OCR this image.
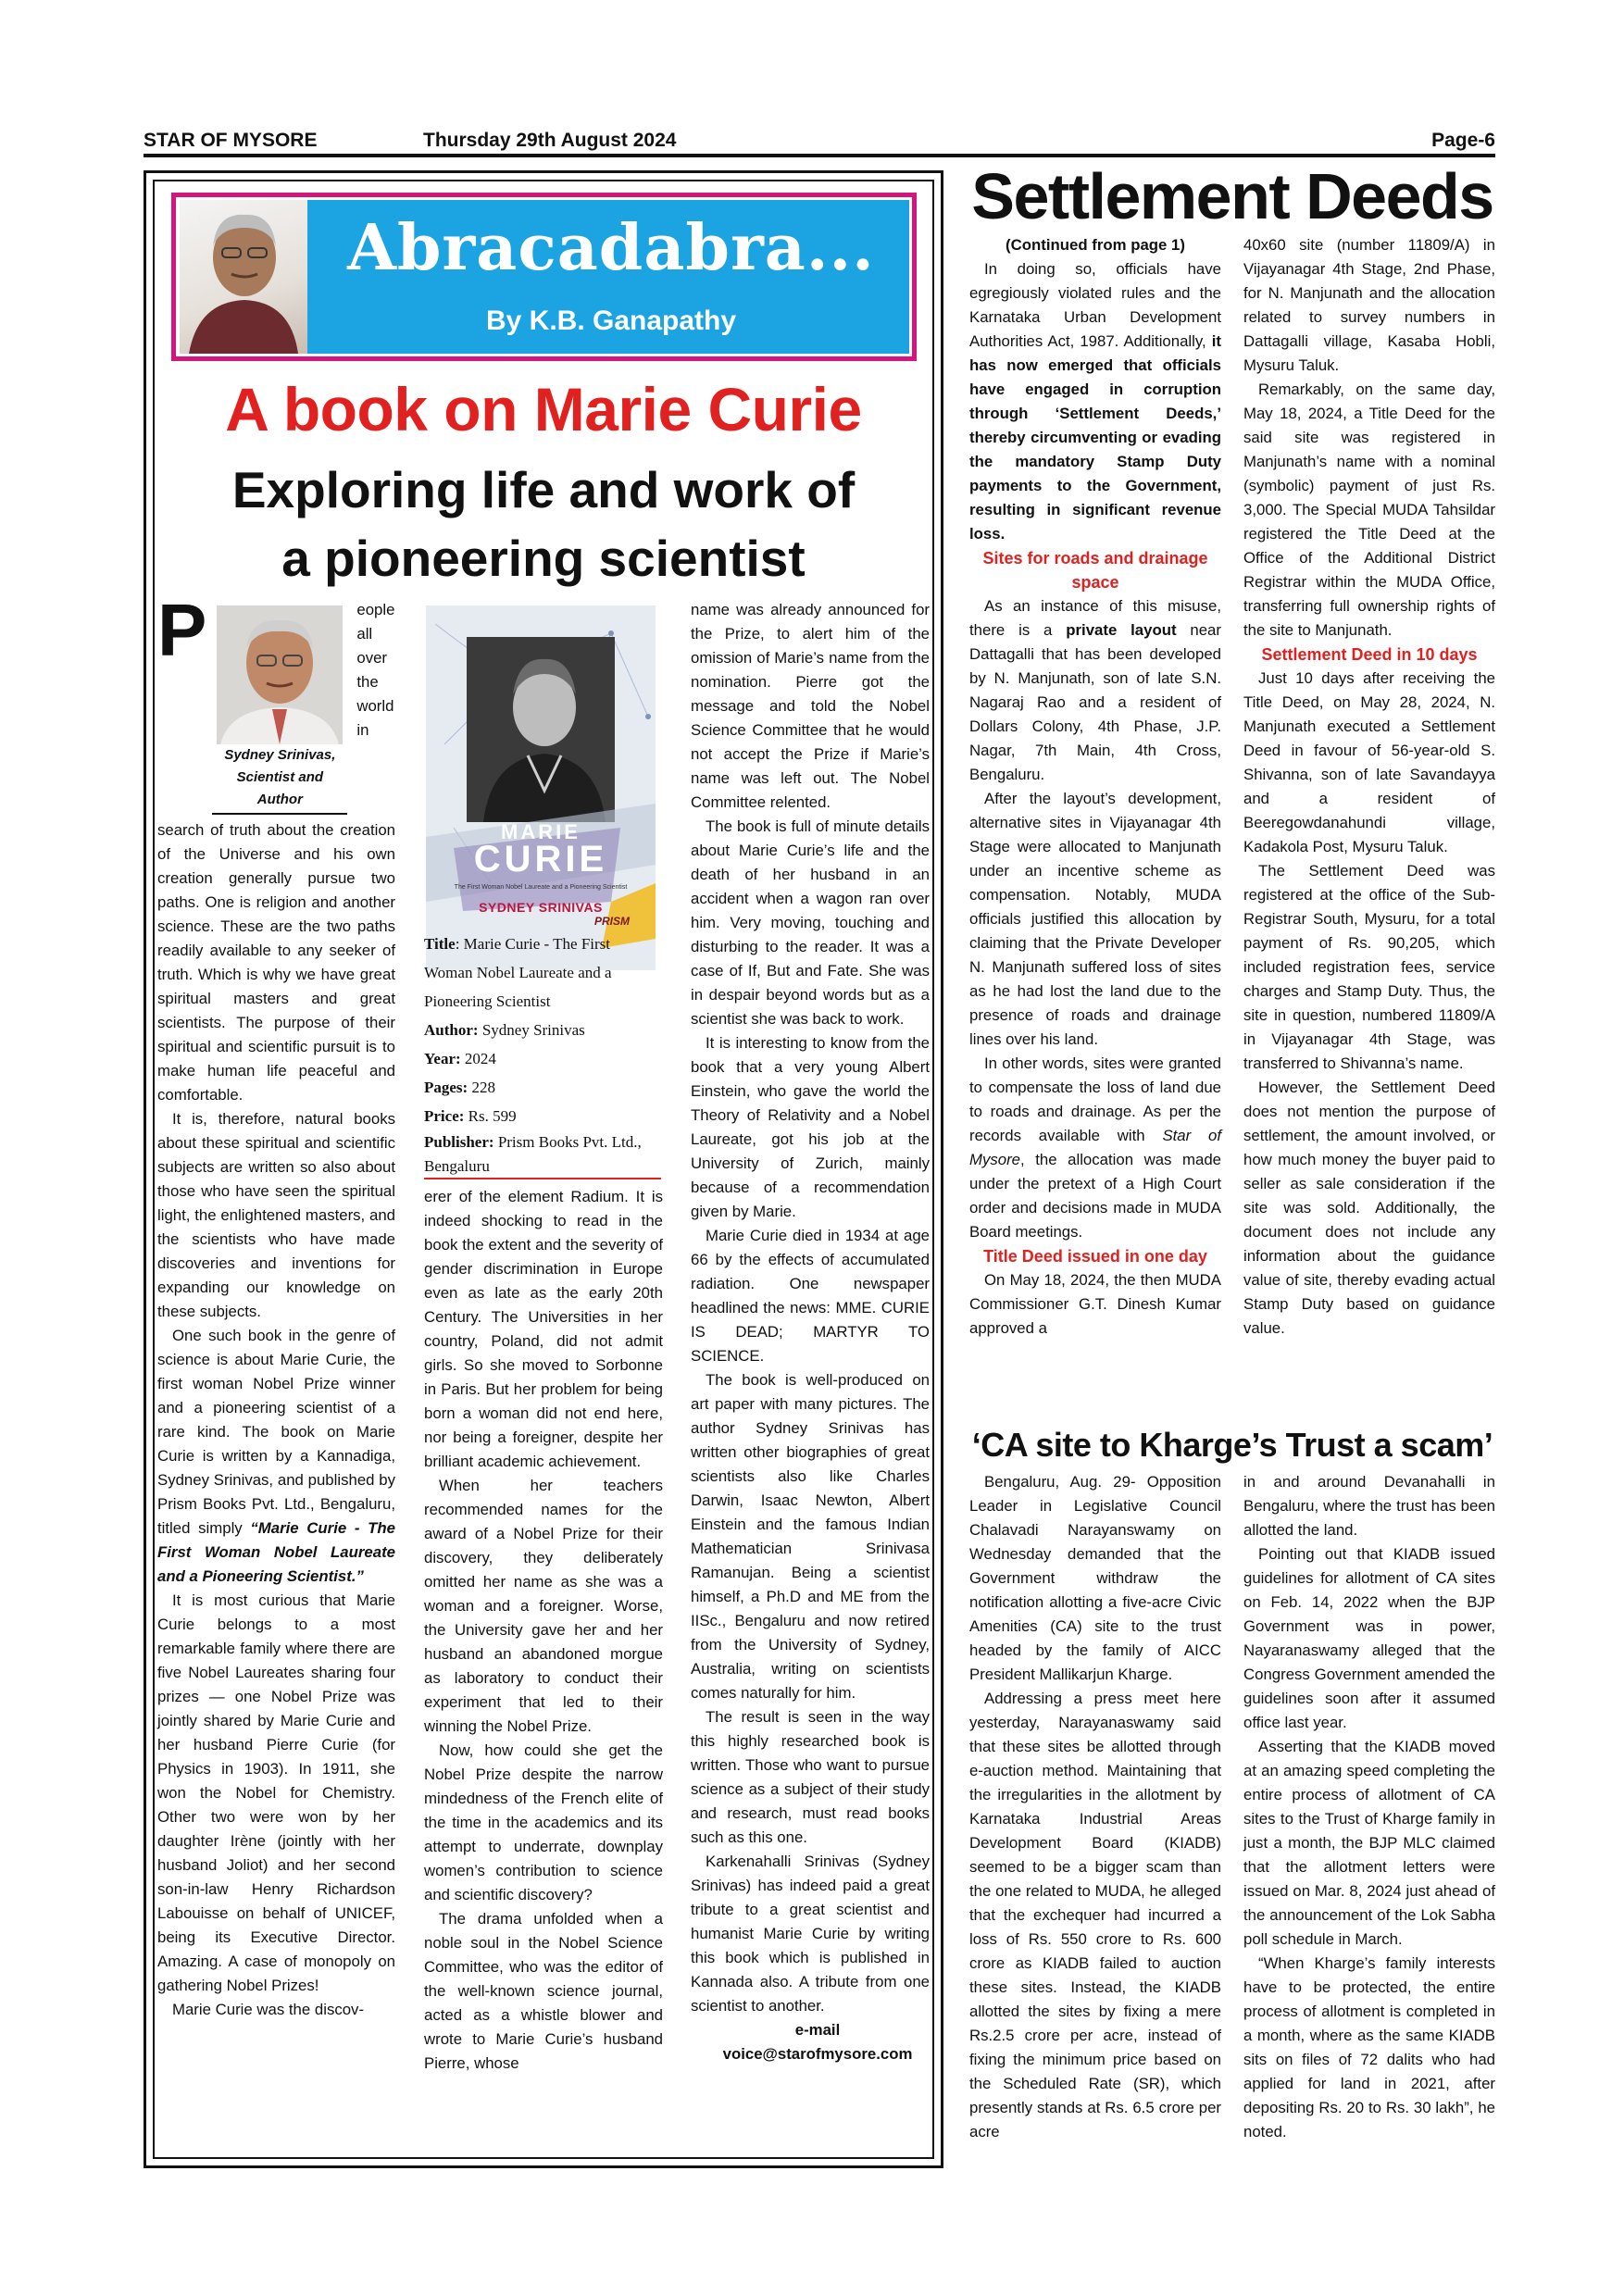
STAR OF MYSORE	Thursday 29th August 2024	Page-6
Abracadabra...
By K.B. Ganapathy
A book on Marie Curie
Exploring life and work of
a pioneering scientist

P
Sydney Srinivas,
Scientist and
Author
eople all over the world in search of truth about the creation of the Universe and his own creation generally pursue two paths. One is religion and another science. These are the two paths readily available to any seeker of truth. Which is why we have great spiritual masters and great scientists. The purpose of their spiritual and scientific pursuit is to make human life peaceful and comfortable.

It is, therefore, natural books about these spiritual and scientific subjects are written so also about those who have seen the spiritual light, the enlightened masters, and the scientists who have made discoveries and inventions for expanding our knowledge on these subjects.

One such book in the genre of science is about Marie Curie, the first woman Nobel Prize winner and a pioneering scientist of a rare kind. The book on Marie Curie is written by a Kannadiga, Sydney Srinivas, and published by Prism Books Pvt. Ltd., Bengaluru, titled simply “Marie Curie - The First Woman Nobel Laureate and a Pioneering Scientist.”

It is most curious that Marie Curie belongs to a most remarkable family where there are five Nobel Laureates sharing four prizes — one Nobel Prize was jointly shared by Marie Curie and her husband Pierre Curie (for Physics in 1903). In 1911, she won the Nobel for Chemistry. Other two were won by her daughter Irène (jointly with her husband Joliot) and her second son-in-law Henry Richardson Labouisse on behalf of UNICEF, being its Executive Director. Amazing. A case of monopoly on gathering Nobel Prizes!

Marie Curie was the discov-

MARIE
CURIE
The First Woman Nobel Laureate and a Pioneering Scientist
SYDNEY SRINIVAS
PRISM
Title: Marie Curie - The First Woman Nobel Laureate and a Pioneering Scientist
Author: Sydney Srinivas
Year: 2024
Pages: 228
Price: Rs. 599
Publisher: Prism Books Pvt. Ltd., Bengaluru

erer of the element Radium. It is indeed shocking to read in the book the extent and the severity of gender discrimination in Europe even as late as the early 20th Century. The Universities in her country, Poland, did not admit girls. So she moved to Sorbonne in Paris. But her problem for being born a woman did not end here, nor being a foreigner, despite her brilliant academic achievement.

When her teachers recommended names for the award of a Nobel Prize for their discovery, they deliberately omitted her name as she was a woman and a foreigner. Worse, the University gave her and her husband an abandoned morgue as laboratory to conduct their experiment that led to their winning the Nobel Prize.

Now, how could she get the Nobel Prize despite the narrow mindedness of the French elite of the time in the academics and its attempt to underrate, downplay women’s contribution to science and scientific discovery?

The drama unfolded when a noble soul in the Nobel Science Committee, who was the editor of the well-known science journal, acted as a whistle blower and wrote to Marie Curie’s husband Pierre, whose

name was already announced for the Prize, to alert him of the omission of Marie’s name from the nomination. Pierre got the message and told the Nobel Science Committee that he would not accept the Prize if Marie’s name was left out. The Nobel Committee relented.

The book is full of minute details about Marie Curie’s life and the death of her husband in an accident when a wagon ran over him. Very moving, touching and disturbing to the reader. It was a case of If, But and Fate. She was in despair beyond words but as a scientist she was back to work.

It is interesting to know from the book that a very young Albert Einstein, who gave the world the Theory of Relativity and a Nobel Laureate, got his job at the University of Zurich, mainly because of a recommendation given by Marie.

Marie Curie died in 1934 at age 66 by the effects of accumulated radiation. One newspaper headlined the news: MME. CURIE IS DEAD; MARTYR TO SCIENCE.

The book is well-produced on art paper with many pictures. The author Sydney Srinivas has written other biographies of great scientists also like Charles Darwin, Isaac Newton, Albert Einstein and the famous Indian Mathematician Srinivasa Ramanujan. Being a scientist himself, a Ph.D and ME from the IISc., Bengaluru and now retired from the University of Sydney, Australia, writing on scientists comes naturally for him.

The result is seen in the way this highly researched book is written. Those who want to pursue science as a subject of their study and research, must read books such as this one.

Karkenahalli Srinivas (Sydney Srinivas) has indeed paid a great tribute to a great scientist and humanist Marie Curie by writing this book which is published in Kannada also. A tribute from one scientist to another.

e-mail

voice@starofmysore.com

Settlement Deeds

(Continued from page 1)

In doing so, officials have egregiously violated rules and the Karnataka Urban Development Authorities Act, 1987. Additionally, it has now emerged that officials have engaged in corruption through ‘Settlement Deeds,’ thereby circumventing or evading the mandatory Stamp Duty payments to the Government, resulting in significant revenue loss.

Sites for roads and drainage space

As an instance of this misuse, there is a private layout near Dattagalli that has been developed by N. Manjunath, son of late S.N. Nagaraj Rao and a resident of Dollars Colony, 4th Phase, J.P. Nagar, 7th Main, 4th Cross, Bengaluru.

After the layout’s development, alternative sites in Vijayanagar 4th Stage were allocated to Manjunath under an incentive scheme as compensation. Notably, MUDA officials justified this allocation by claiming that the Private Developer N. Manjunath suffered loss of sites as he had lost the land due to the presence of roads and drainage lines over his land.

In other words, sites were granted to compensate the loss of land due to roads and drainage. As per the records available with Star of Mysore, the allocation was made under the pretext of a High Court order and decisions made in MUDA Board meetings.

Title Deed issued in one day

On May 18, 2024, the then MUDA Commissioner G.T. Dinesh Kumar approved a

40x60 site (number 11809/A) in Vijayanagar 4th Stage, 2nd Phase, for N. Manjunath and the allocation related to survey numbers in Dattagalli village, Kasaba Hobli, Mysuru Taluk.

Remarkably, on the same day, May 18, 2024, a Title Deed for the said site was registered in Manjunath’s name with a nominal (symbolic) payment of just Rs. 3,000. The Special MUDA Tahsildar registered the Title Deed at the Office of the Additional District Registrar within the MUDA Office, transferring full ownership rights of the site to Manjunath.

Settlement Deed in 10 days

Just 10 days after receiving the Title Deed, on May 28, 2024, N. Manjunath executed a Settlement Deed in favour of 56-year-old S. Shivanna, son of late Savandayya and a resident of Beeregowdanahundi village, Kadakola Post, Mysuru Taluk.

The Settlement Deed was registered at the office of the Sub-Registrar South, Mysuru, for a total payment of Rs. 90,205, which included registration fees, service charges and Stamp Duty. Thus, the site in question, numbered 11809/A in Vijayanagar 4th Stage, was transferred to Shivanna’s name.

However, the Settlement Deed does not mention the purpose of settlement, the amount involved, or how much money the buyer paid to seller as sale consideration if the site was sold. Additionally, the document does not include any information about the guidance value of site, thereby evading actual Stamp Duty based on guidance value.

‘CA site to Kharge’s Trust a scam’

Bengaluru, Aug. 29- Opposition Leader in Legislative Council Chalavadi Narayanswamy on Wednesday demanded that the Government withdraw the notification allotting a five-acre Civic Amenities (CA) site to the trust headed by the family of AICC President Mallikarjun Kharge.

Addressing a press meet here yesterday, Narayanaswamy said that these sites be allotted through e-auction method. Maintaining that the irregularities in the allotment by Karnataka Industrial Areas Development Board (KIADB) seemed to be a bigger scam than the one related to MUDA, he alleged that the exchequer had incurred a loss of Rs. 550 crore to Rs. 600 crore as KIADB failed to auction these sites. Instead, the KIADB allotted the sites by fixing a mere Rs.2.5 crore per acre, instead of fixing the minimum price based on the Scheduled Rate (SR), which presently stands at Rs. 6.5 crore per acre

in and around Devanahalli in Bengaluru, where the trust has been allotted the land.

Pointing out that KIADB issued guidelines for allotment of CA sites on Feb. 14, 2022 when the BJP Government was in power, Nayaranaswamy alleged that the Congress Government amended the guidelines soon after it assumed office last year.

Asserting that the KIADB moved at an amazing speed completing the entire process of allotment of CA sites to the Trust of Kharge family in just a month, the BJP MLC claimed that the allotment letters were issued on Mar. 8, 2024 just ahead of the announcement of the Lok Sabha poll schedule in March.

“When Kharge’s family interests have to be protected, the entire process of allotment is completed in a month, where as the same KIADB sits on files of 72 dalits who had applied for land in 2021, after depositing Rs. 20 to Rs. 30 lakh”, he noted.
